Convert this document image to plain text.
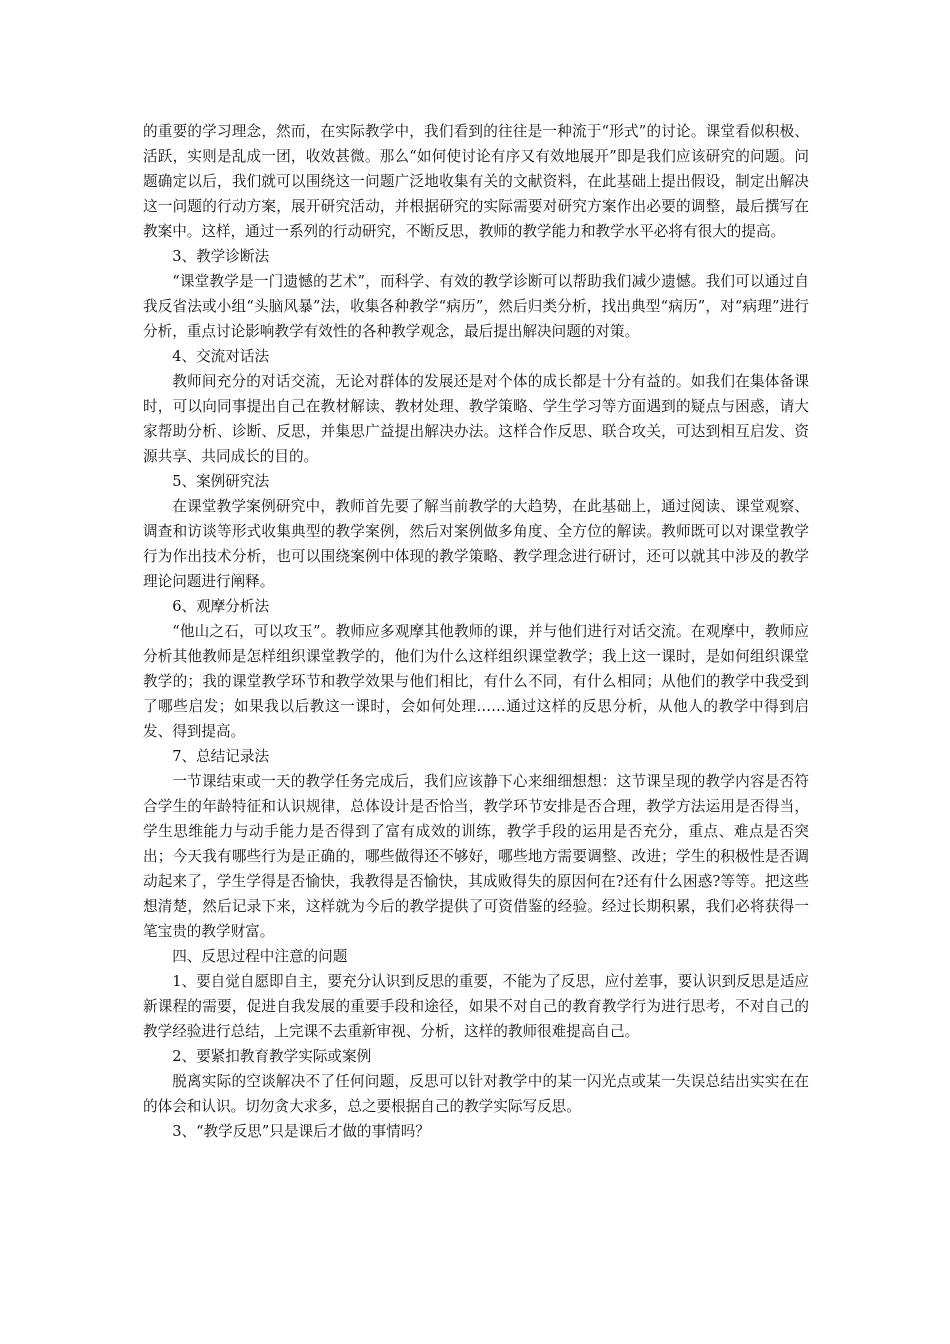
的重要的学习理念，然而，在实际教学中，我们看到的往往是一种流于“形式”的讨论。课堂看似积极、活跃，实则是乱成一团，收效甚微。那么“如何使讨论有序又有效地展开”即是我们应该研究的问题。问题确定以后，我们就可以围绕这一问题广泛地收集有关的文献资料，在此基础上提出假设，制定出解决这一问题的行动方案，展开研究活动，并根据研究的实际需要对研究方案作出必要的调整，最后撰写在教案中。这样，通过一系列的行动研究，不断反思，教师的教学能力和教学水平必将有很大的提高。

3、教学诊断法

“课堂教学是一门遗憾的艺术”，而科学、有效的教学诊断可以帮助我们减少遗憾。我们可以通过自我反省法或小组“头脑风暴”法，收集各种教学“病历”，然后归类分析，找出典型“病历”，对“病理”进行分析，重点讨论影响教学有效性的各种教学观念，最后提出解决问题的对策。

4、交流对话法

教师间充分的对话交流，无论对群体的发展还是对个体的成长都是十分有益的。如我们在集体备课时，可以向同事提出自己在教材解读、教材处理、教学策略、学生学习等方面遇到的疑点与困惑，请大家帮助分析、诊断、反思，并集思广益提出解决办法。这样合作反思、联合攻关，可达到相互启发、资源共享、共同成长的目的。

5、案例研究法

在课堂教学案例研究中，教师首先要了解当前教学的大趋势，在此基础上，通过阅读、课堂观察、调查和访谈等形式收集典型的教学案例，然后对案例做多角度、全方位的解读。教师既可以对课堂教学行为作出技术分析，也可以围绕案例中体现的教学策略、教学理念进行研讨，还可以就其中涉及的教学理论问题进行阐释。

6、观摩分析法

“他山之石，可以攻玉”。教师应多观摩其他教师的课，并与他们进行对话交流。在观摩中，教师应分析其他教师是怎样组织课堂教学的，他们为什么这样组织课堂教学；我上这一课时，是如何组织课堂教学的；我的课堂教学环节和教学效果与他们相比，有什么不同，有什么相同；从他们的教学中我受到了哪些启发；如果我以后教这一课时，会如何处理……通过这样的反思分析，从他人的教学中得到启发、得到提高。

7、总结记录法

一节课结束或一天的教学任务完成后，我们应该静下心来细细想想：这节课呈现的教学内容是否符合学生的年龄特征和认识规律，总体设计是否恰当，教学环节安排是否合理，教学方法运用是否得当，学生思维能力与动手能力是否得到了富有成效的训练，教学手段的运用是否充分，重点、难点是否突出；今天我有哪些行为是正确的，哪些做得还不够好，哪些地方需要调整、改进；学生的积极性是否调动起来了，学生学得是否愉快，我教得是否愉快，其成败得失的原因何在?还有什么困惑?等等。把这些想清楚，然后记录下来，这样就为今后的教学提供了可资借鉴的经验。经过长期积累，我们必将获得一笔宝贵的教学财富。

四、反思过程中注意的问题

1、要自觉自愿即自主，要充分认识到反思的重要，不能为了反思，应付差事，要认识到反思是适应新课程的需要，促进自我发展的重要手段和途径，如果不对自己的教育教学行为进行思考，不对自己的教学经验进行总结，上完课不去重新审视、分析，这样的教师很难提高自己。

2、要紧扣教育教学实际或案例

脱离实际的空谈解决不了任何问题，反思可以针对教学中的某一闪光点或某一失误总结出实实在在的体会和认识。切勿贪大求多，总之要根据自己的教学实际写反思。

3、“教学反思”只是课后才做的事情吗？
